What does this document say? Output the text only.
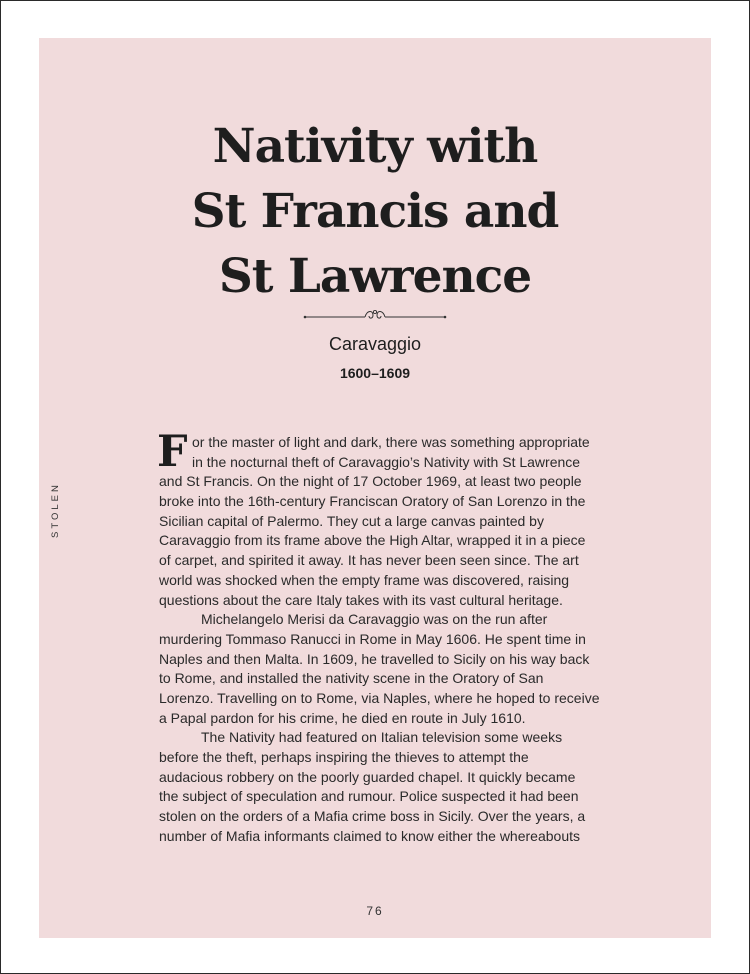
Nativity with
St Francis and
St Lawrence
Caravaggio
1600–1609
STOLEN
F or the master of light and dark, there was something appropriate
in the nocturnal theft of Caravaggio’s Nativity with St Lawrence
and St Francis. On the night of 17 October 1969, at least two people
broke into the 16th-century Franciscan Oratory of San Lorenzo in the
Sicilian capital of Palermo. They cut a large canvas painted by
Caravaggio from its frame above the High Altar, wrapped it in a piece
of carpet, and spirited it away. It has never been seen since. The art
world was shocked when the empty frame was discovered, raising
questions about the care Italy takes with its vast cultural heritage.
Michelangelo Merisi da Caravaggio was on the run after
murdering Tommaso Ranucci in Rome in May 1606. He spent time in
Naples and then Malta. In 1609, he travelled to Sicily on his way back
to Rome, and installed the nativity scene in the Oratory of San
Lorenzo. Travelling on to Rome, via Naples, where he hoped to receive
a Papal pardon for his crime, he died en route in July 1610.
The Nativity had featured on Italian television some weeks
before the theft, perhaps inspiring the thieves to attempt the
audacious robbery on the poorly guarded chapel. It quickly became
the subject of speculation and rumour. Police suspected it had been
stolen on the orders of a Mafia crime boss in Sicily. Over the years, a
number of Mafia informants claimed to know either the whereabouts
76
